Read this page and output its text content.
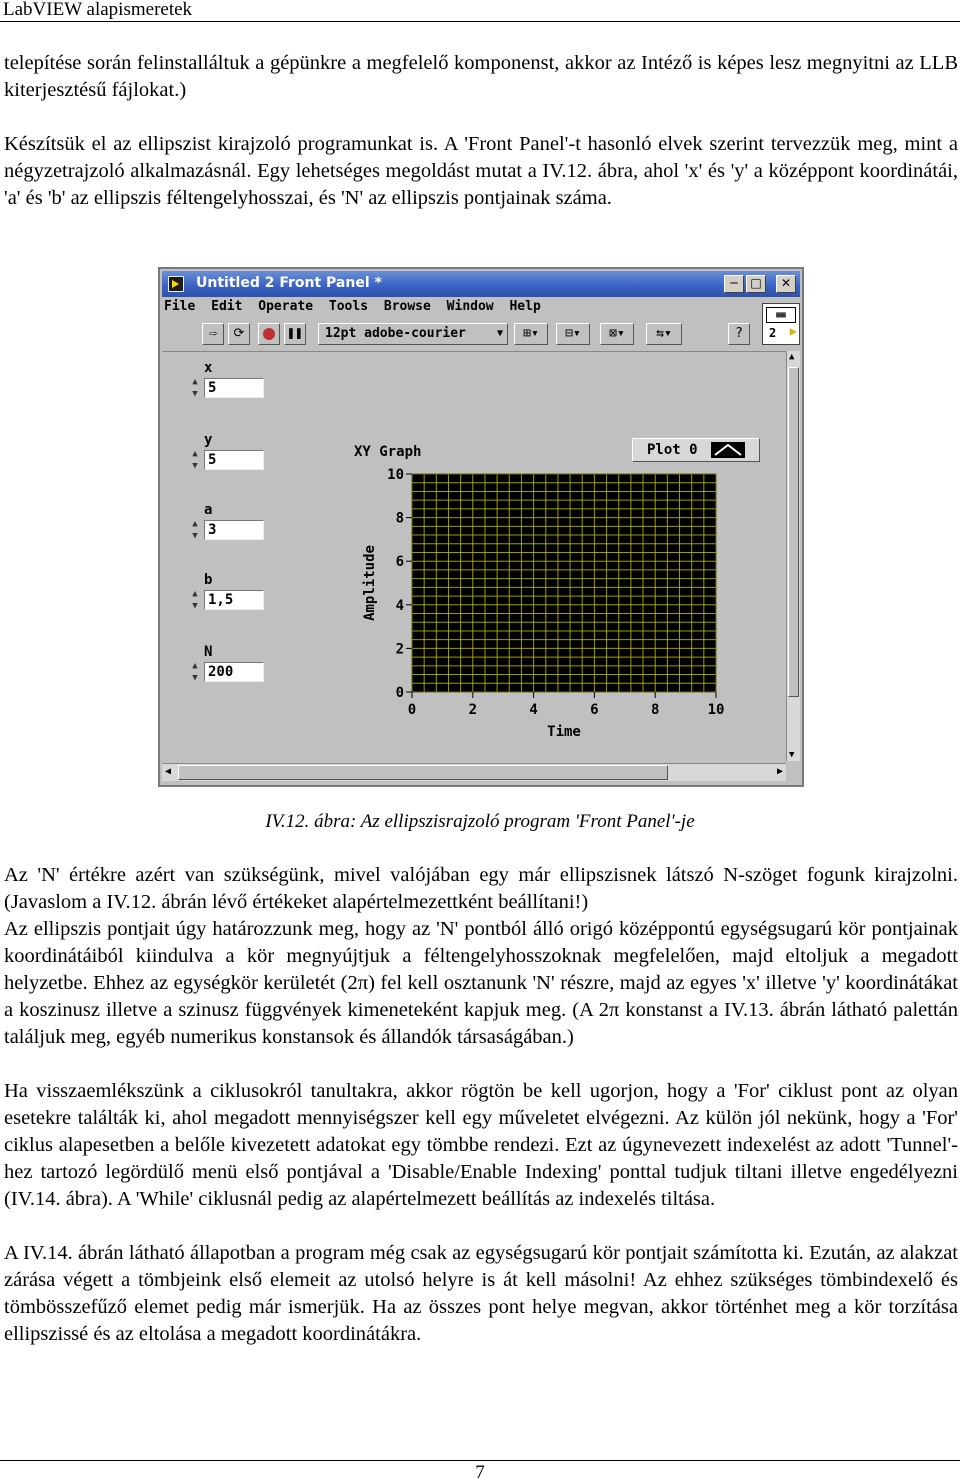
LabVIEW alapismeretek

telepítése során felinstalláltuk a gépünkre a megfelelő komponenst, akkor az Intéző is képes lesz megnyitni az LLB kiterjesztésű fájlokat.)

Készítsük el az ellipszist kirajzoló programunkat is. A 'Front Panel'-t hasonló elvek szerint tervezzük meg, mint a négyzetrajzoló alkalmazásnál. Egy lehetséges megoldást mutat a IV.12. ábra, ahol 'x' és 'y' a középpont koordinátái, 'a' és 'b' az ellipszis féltengelyhosszai, és 'N' az ellipszis pontjainak száma.

Untitled 2 Front Panel *	─	□	✕
File Edit Operate Tools Browse Window Help
⇨	⟳	❚❚	12pt adobe-courier	▼	⊞▾	⊟▾	⊠▾	⇆▾	?
▦▦
2 ▶
x
▲
▼ 5
y
▲
▼ 5
a
▲
▼ 3
b
▲
▼ 1,5
N
▲
▼ 200
XY Graph	Plot 0
0
2
4
6
8
10
0	2	4	6	8	10
Time
Amplitude
▲
▼
◀	▶
IV.12. ábra: Az ellipszisrajzoló program 'Front Panel'-je

Az 'N' értékre azért van szükségünk, mivel valójában egy már ellipszisnek látszó N-szöget fogunk kirajzolni. (Javaslom a IV.12. ábrán lévő értékeket alapértelmezettként beállítani!)

Az ellipszis pontjait úgy határozzunk meg, hogy az 'N' pontból álló origó középpontú egységsugarú kör pontjainak koordinátáiból kiindulva a kör megnyújtjuk a féltengelyhosszoknak megfelelően, majd eltoljuk a megadott helyzetbe. Ehhez az egységkör kerületét (2π) fel kell osztanunk 'N' részre, majd az egyes 'x' illetve 'y' koordinátákat a koszinusz illetve a szinusz függvények kimeneteként kapjuk meg. (A 2π konstanst a IV.13. ábrán látható palettán találjuk meg, egyéb numerikus konstansok és állandók társaságában.)

Ha visszaemlékszünk a ciklusokról tanultakra, akkor rögtön be kell ugorjon, hogy a 'For' ciklust pont az olyan esetekre találták ki, ahol megadott mennyiségszer kell egy műveletet elvégezni. Az külön jól nekünk, hogy a 'For' ciklus alapesetben a belőle kivezetett adatokat egy tömbbe rendezi. Ezt az úgynevezett indexelést az adott 'Tunnel'-hez tartozó legördülő menü első pontjával a 'Disable/Enable Indexing' ponttal tudjuk tiltani illetve engedélyezni (IV.14. ábra). A 'While' ciklusnál pedig az alapértelmezett beállítás az indexelés tiltása.

A IV.14. ábrán látható állapotban a program még csak az egységsugarú kör pontjait számította ki. Ezután, az alakzat zárása végett a tömbjeink első elemeit az utolsó helyre is át kell másolni! Az ehhez szükséges tömbindexelő és tömbösszefűző elemet pedig már ismerjük. Ha az összes pont helye megvan, akkor történhet meg a kör torzítása ellipszissé és az eltolása a megadott koordinátákra.

7
